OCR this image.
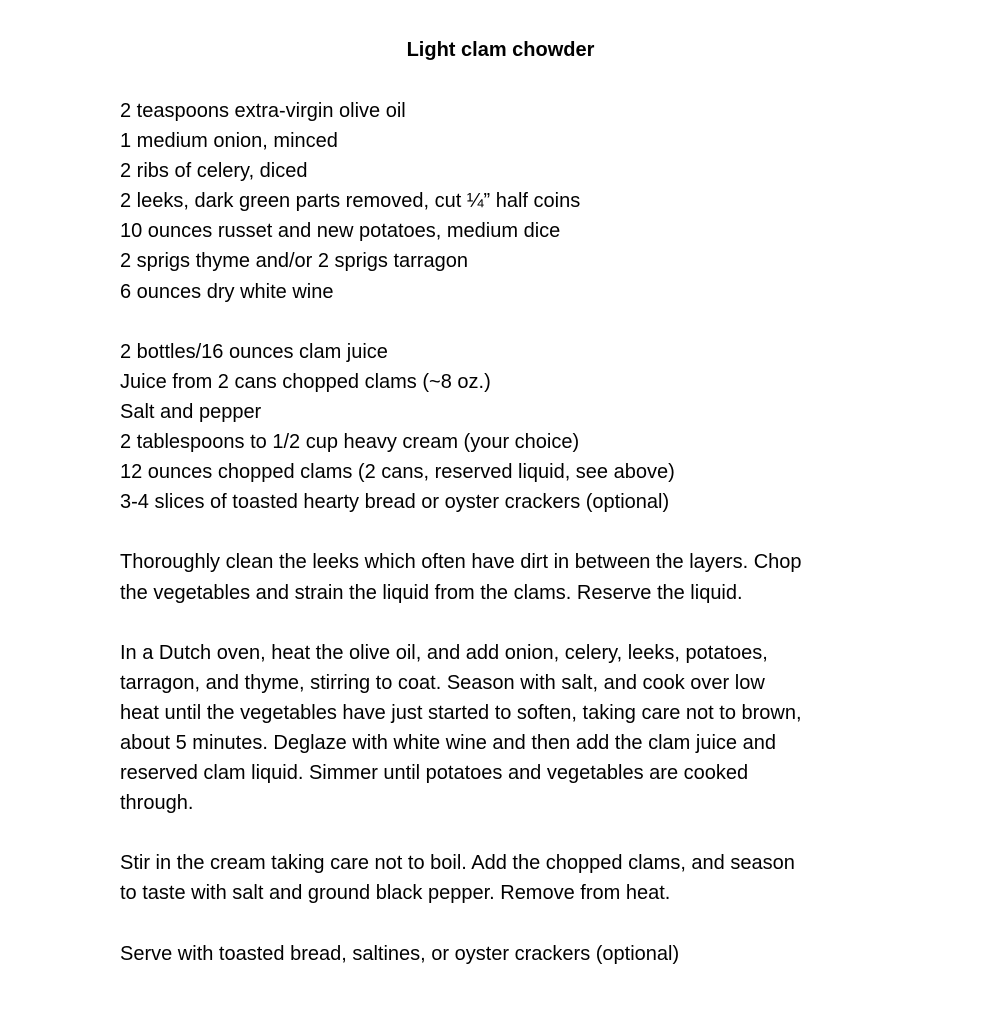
Light clam chowder
2 teaspoons extra-virgin olive oil
1 medium onion, minced
2 ribs of celery, diced
2 leeks, dark green parts removed, cut ¼” half coins
10 ounces russet and new potatoes, medium dice
2 sprigs thyme and/or 2 sprigs tarragon
6 ounces dry white wine
2 bottles/16 ounces clam juice
Juice from 2 cans chopped clams (~8 oz.)
Salt and pepper
2 tablespoons to 1/2 cup heavy cream (your choice)
12 ounces chopped clams (2 cans, reserved liquid, see above)
3-4 slices of toasted hearty bread or oyster crackers (optional)
Thoroughly clean the leeks which often have dirt in between the layers. Chop
the vegetables and strain the liquid from the clams. Reserve the liquid.
In a Dutch oven, heat the olive oil, and add onion, celery, leeks, potatoes,
tarragon, and thyme, stirring to coat. Season with salt, and cook over low
heat until the vegetables have just started to soften, taking care not to brown,
about 5 minutes. Deglaze with white wine and then add the clam juice and
reserved clam liquid. Simmer until potatoes and vegetables are cooked
through.
Stir in the cream taking care not to boil. Add the chopped clams, and season
to taste with salt and ground black pepper. Remove from heat.
Serve with toasted bread, saltines, or oyster crackers (optional)
